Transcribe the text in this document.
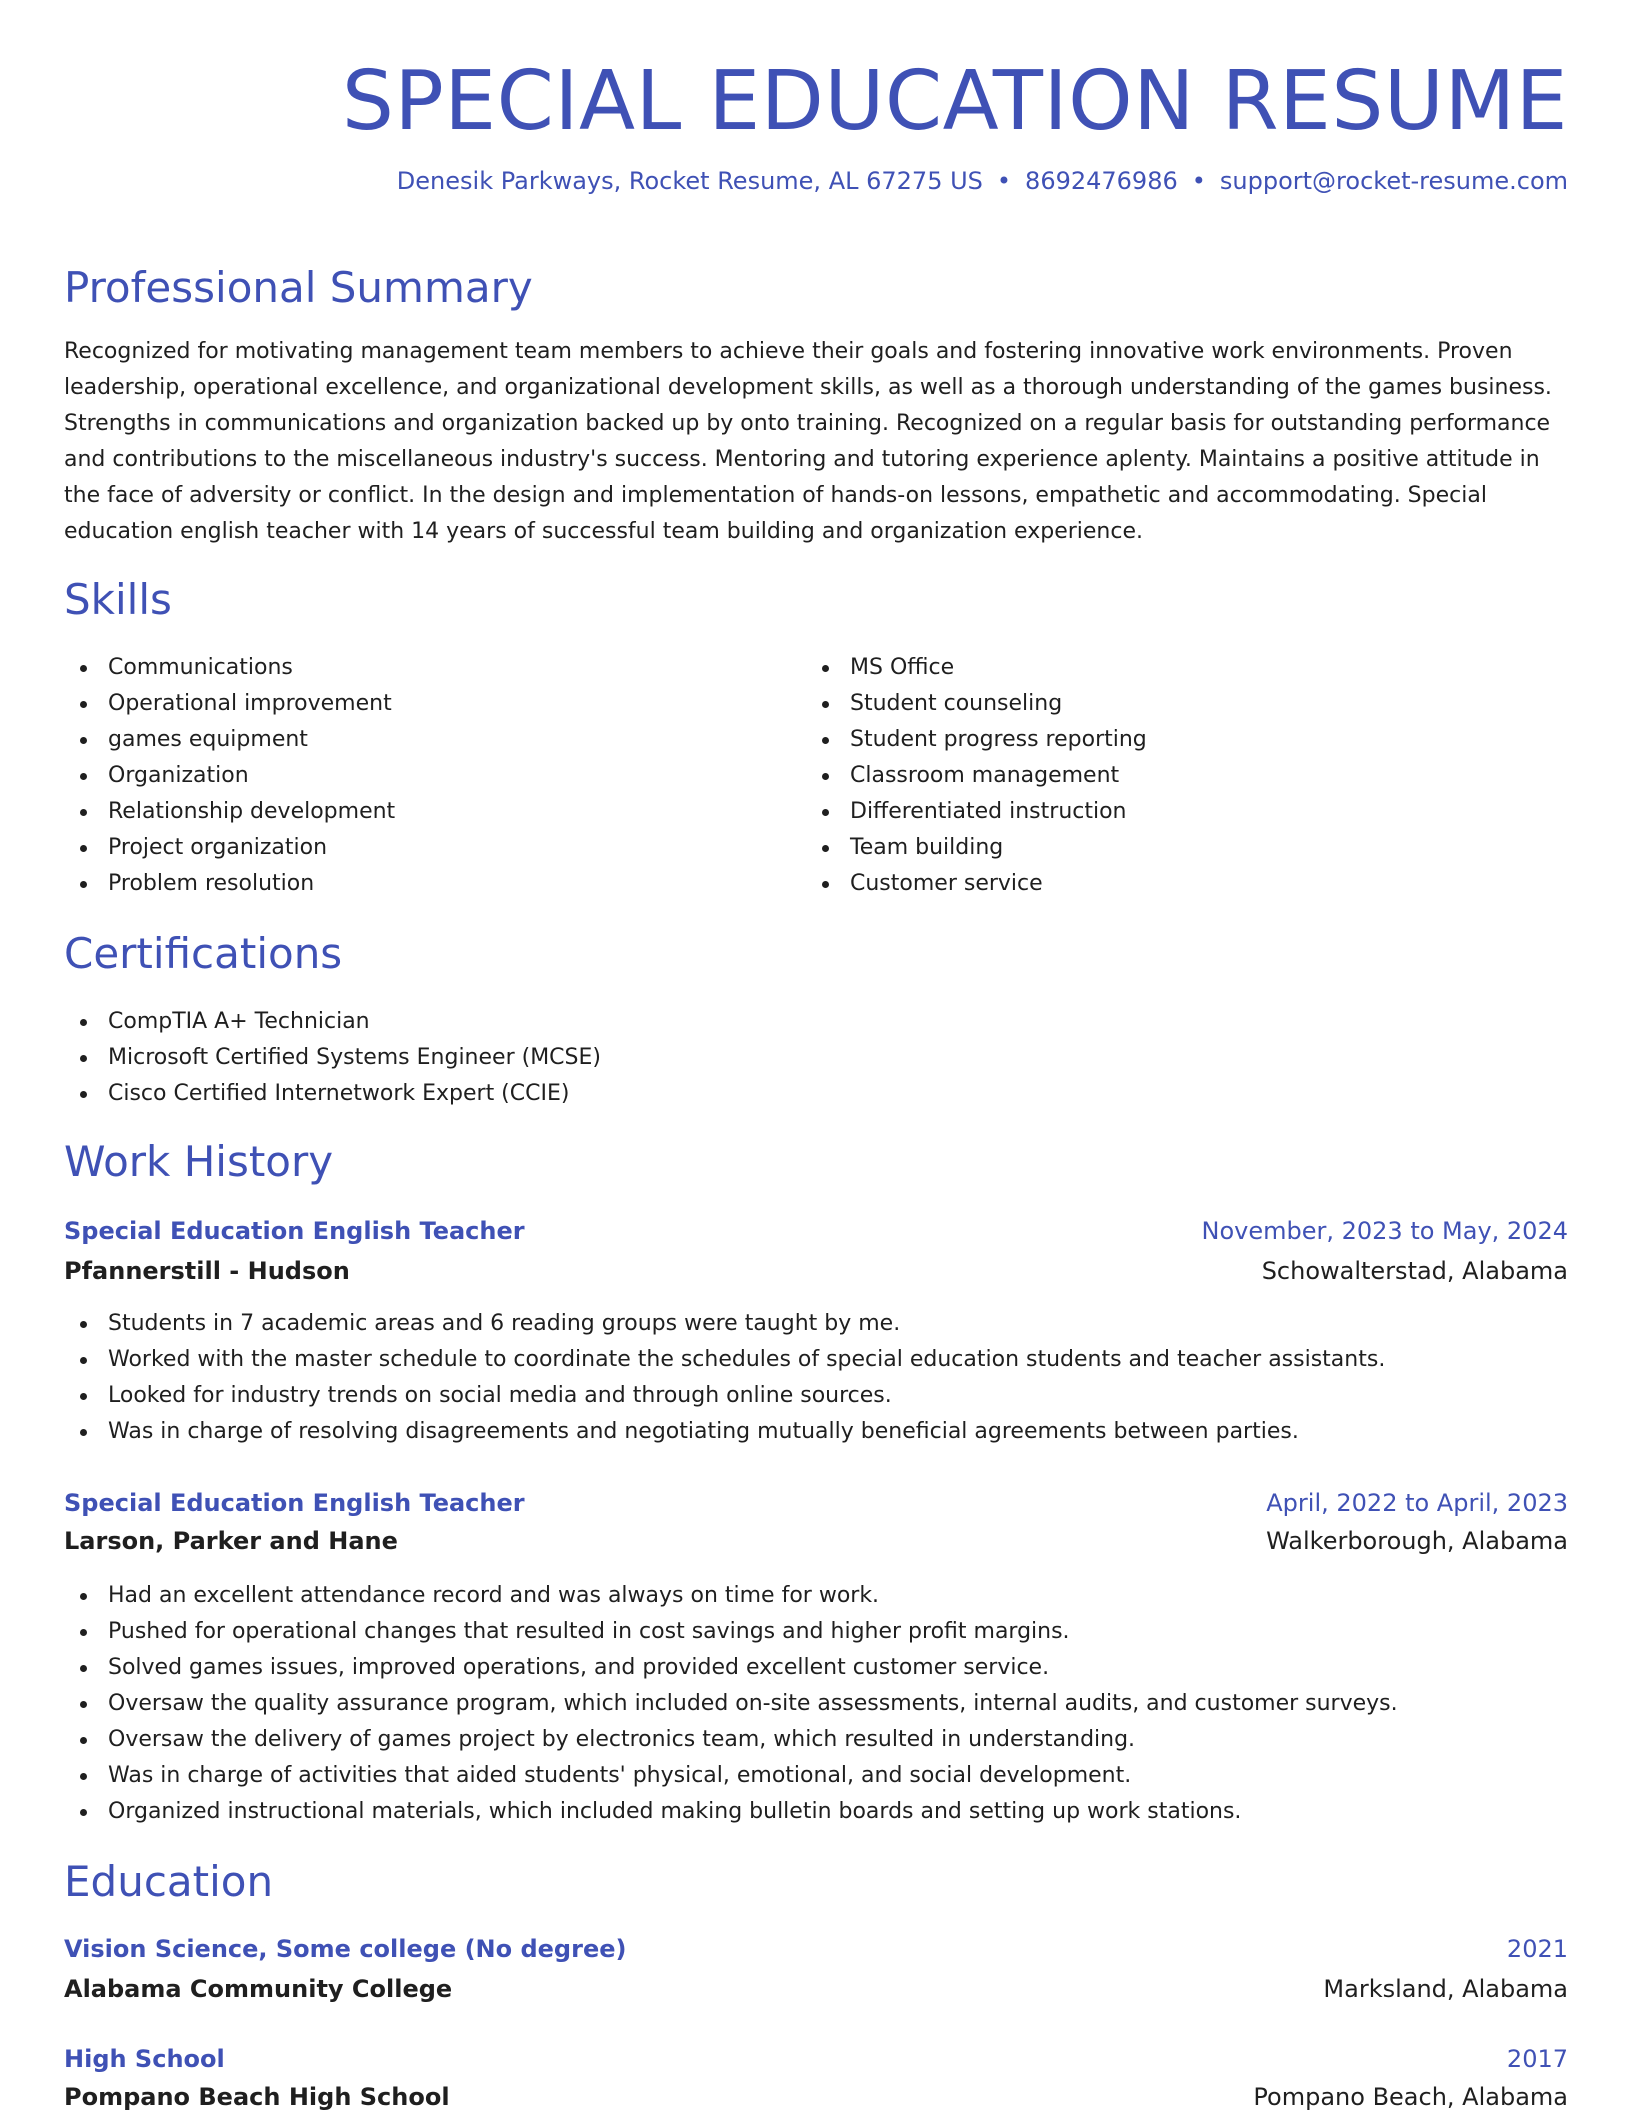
SPECIAL EDUCATION RESUME

Denesik Parkways, Rocket Resume, AL 67275 US • 8692476986 • support@rocket-resume.com

Professional Summary

Recognized for motivating management team members to achieve their goals and fostering innovative work environments. Proven leadership, operational excellence, and organizational development skills, as well as a thorough understanding of the games business. Strengths in communications and organization backed up by onto training. Recognized on a regular basis for outstanding performance and contributions to the miscellaneous industry's success. Mentoring and tutoring experience aplenty. Maintains a positive attitude in the face of adversity or conflict. In the design and implementation of hands-on lessons, empathetic and accommodating. Special education english teacher with 14 years of successful team building and organization experience.

Skills
Communications
Operational improvement
games equipment
Organization
Relationship development
Project organization
Problem resolution
MS Office
Student counseling
Student progress reporting
Classroom management
Differentiated instruction
Team building
Customer service
Certifications
CompTIA A+ Technician
Microsoft Certified Systems Engineer (MCSE)
Cisco Certified Internetwork Expert (CCIE)
Work History
Special Education English Teacher	November, 2023 to May, 2024
Pfannerstill - Hudson	Schowalterstad, Alabama
Students in 7 academic areas and 6 reading groups were taught by me.
Worked with the master schedule to coordinate the schedules of special education students and teacher assistants.
Looked for industry trends on social media and through online sources.
Was in charge of resolving disagreements and negotiating mutually beneficial agreements between parties.
Special Education English Teacher	April, 2022 to April, 2023
Larson, Parker and Hane	Walkerborough, Alabama
Had an excellent attendance record and was always on time for work.
Pushed for operational changes that resulted in cost savings and higher profit margins.
Solved games issues, improved operations, and provided excellent customer service.
Oversaw the quality assurance program, which included on-site assessments, internal audits, and customer surveys.
Oversaw the delivery of games project by electronics team, which resulted in understanding.
Was in charge of activities that aided students' physical, emotional, and social development.
Organized instructional materials, which included making bulletin boards and setting up work stations.
Education
Vision Science, Some college (No degree)	2021
Alabama Community College	Marksland, Alabama
High School	2017
Pompano Beach High School	Pompano Beach, Alabama
